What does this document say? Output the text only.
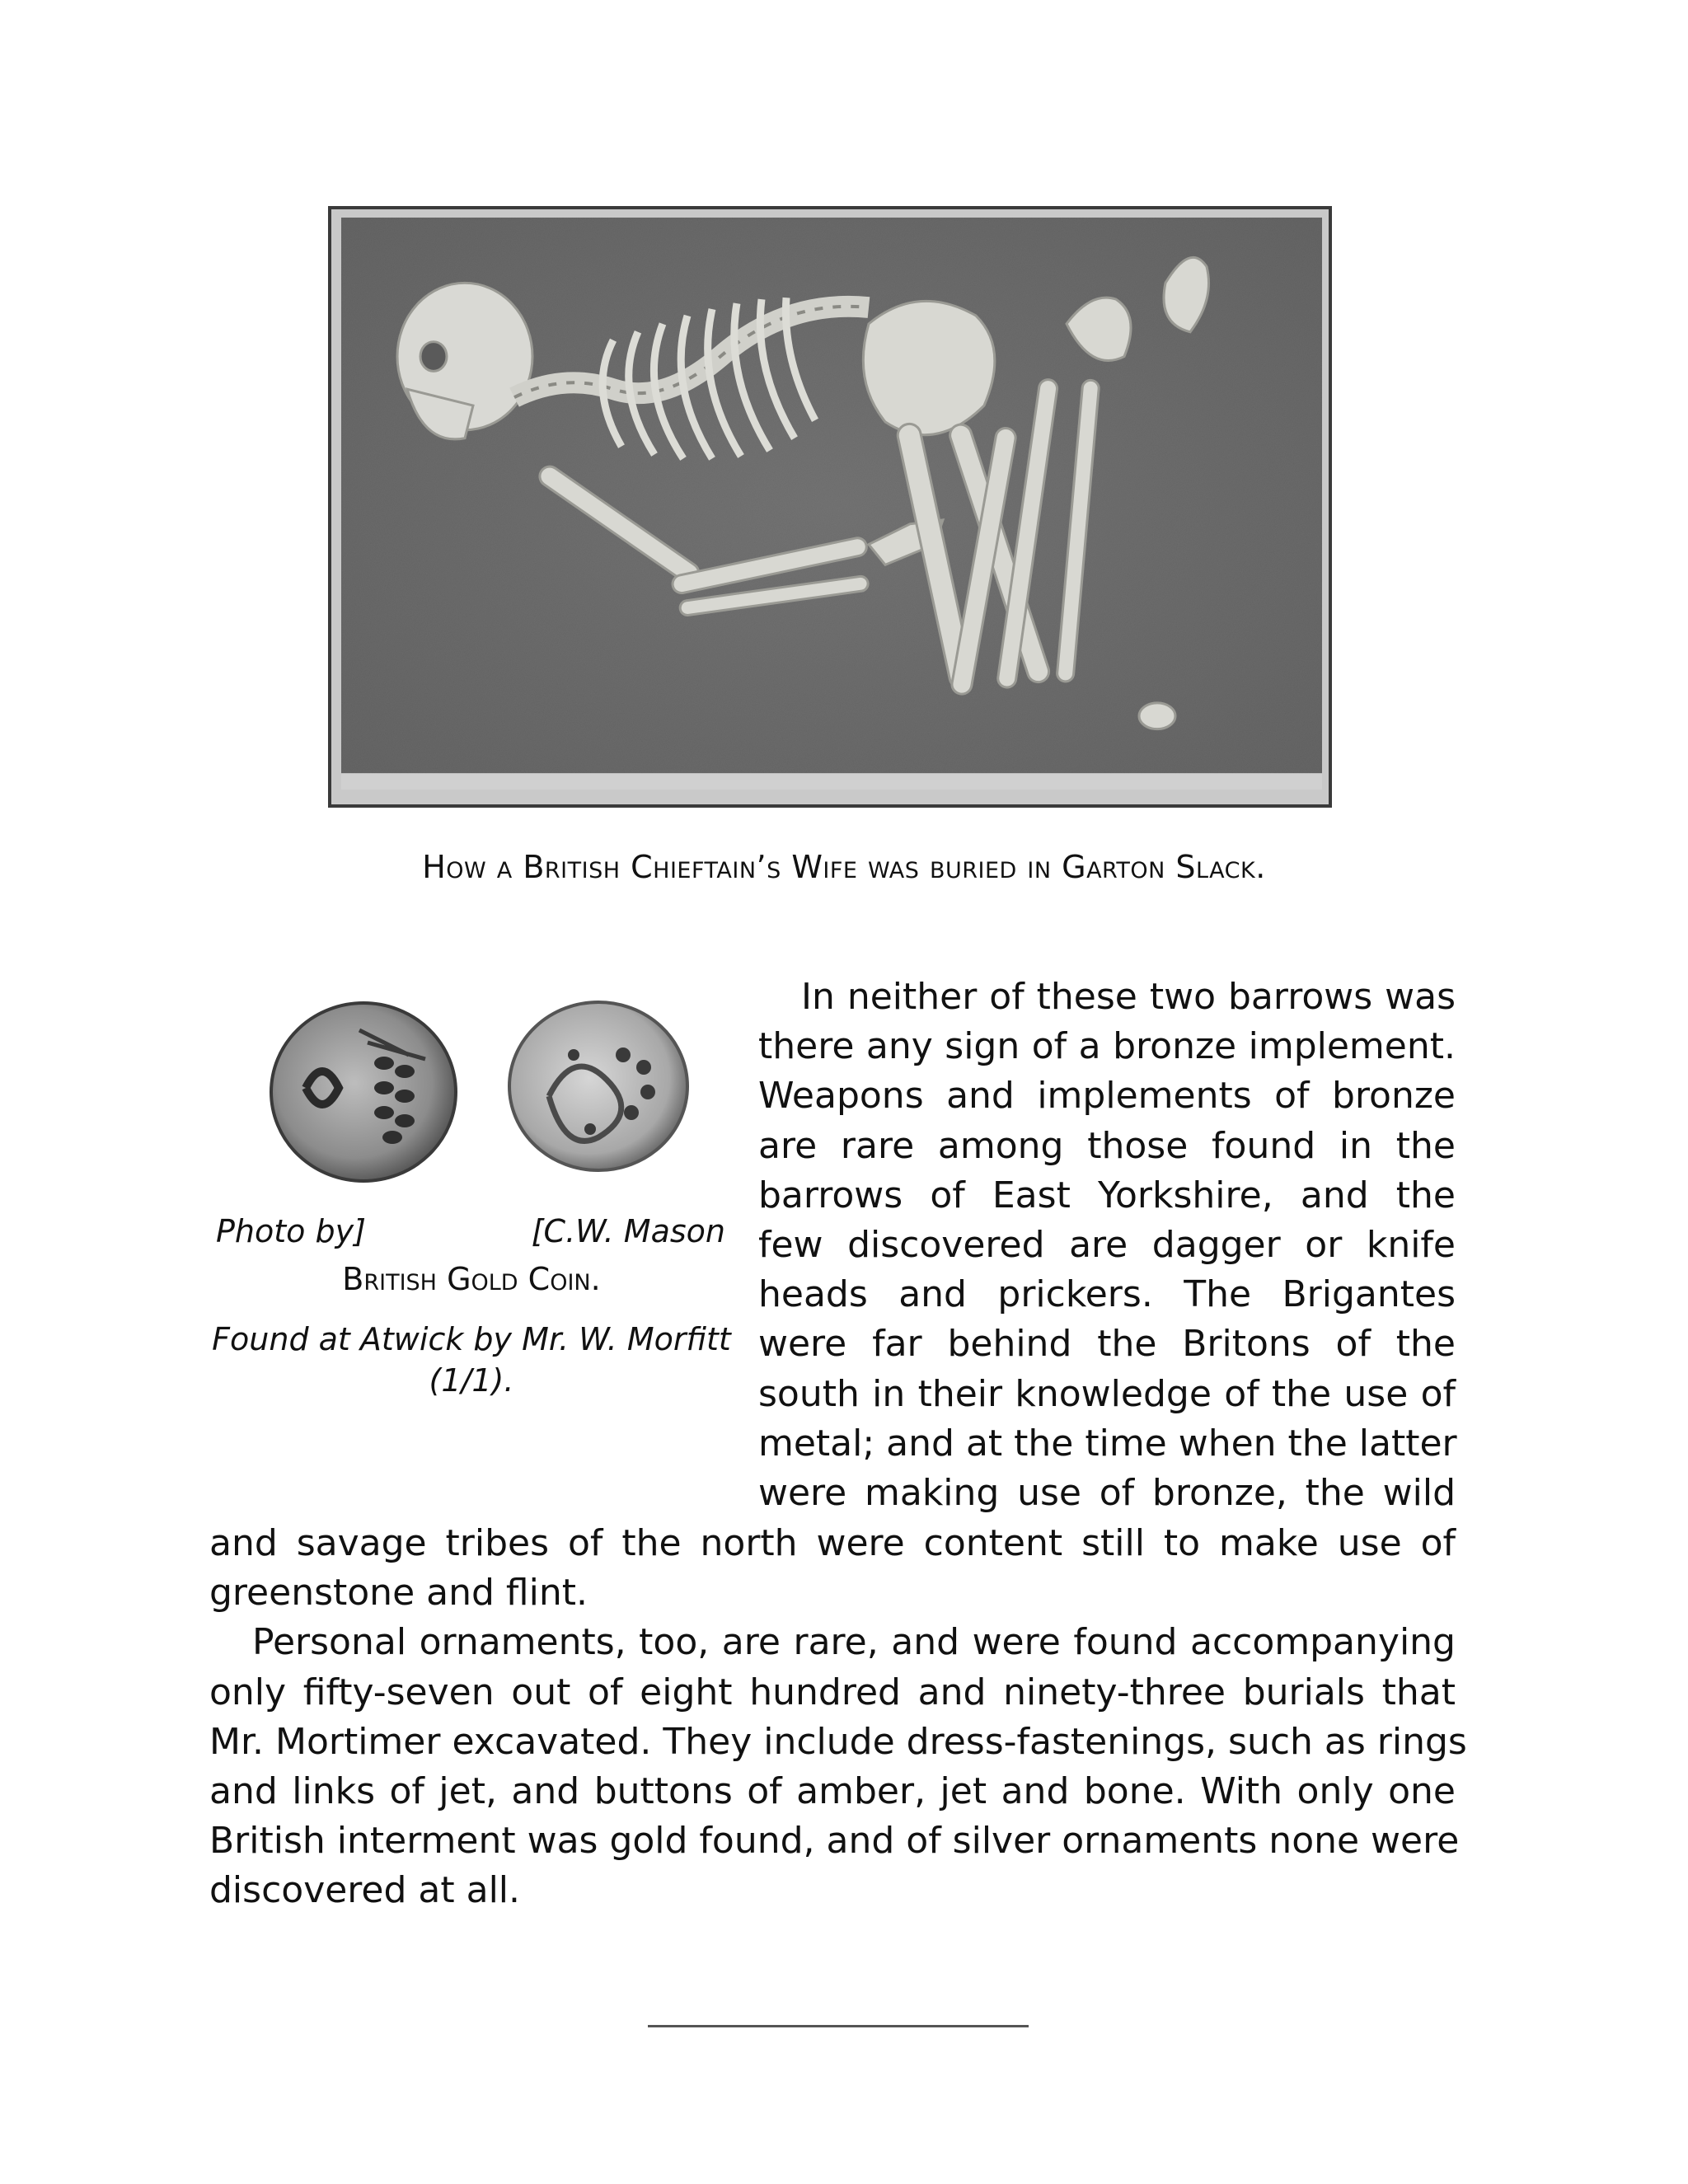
How a British Chieftain’s Wife was buried in Garton Slack.
Photo by]	[C.W. Mason
British Gold Coin.
Found at Atwick by Mr. W. Morfitt
(1/1).
In neither of these two barrows was
there any sign of a bronze implement.
Weapons and implements of bronze
are rare among those found in the
barrows of East Yorkshire, and the
few discovered are dagger or knife
heads and prickers. The Brigantes
were far behind the Britons of the
south in their knowledge of the use of
metal; and at the time when the latter
were making use of bronze, the wild
and savage tribes of the north were content still to make use of
greenstone and flint.
Personal ornaments, too, are rare, and were found accompanying
only fifty-seven out of eight hundred and ninety-three burials that
Mr. Mortimer excavated. They include dress-fastenings, such as rings
and links of jet, and buttons of amber, jet and bone. With only one
British interment was gold found, and of silver ornaments none were
discovered at all.
